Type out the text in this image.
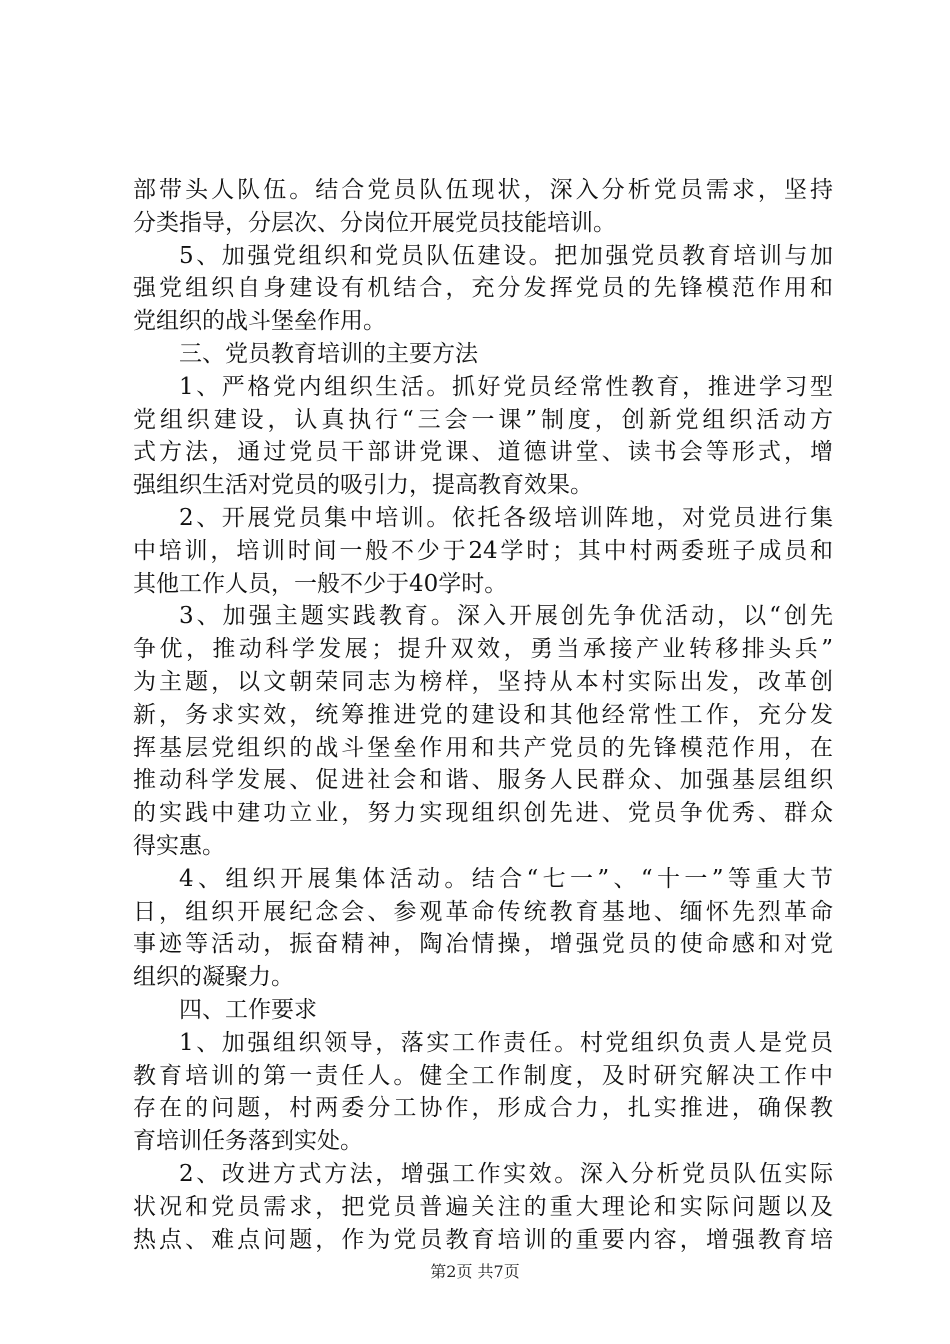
部带头人队伍。结合党员队伍现状，深入分析党员需求，坚持
分类指导，分层次、分岗位开展党员技能培训。
5、加强党组织和党员队伍建设。把加强党员教育培训与加
强党组织自身建设有机结合，充分发挥党员的先锋模范作用和
党组织的战斗堡垒作用。
三、党员教育培训的主要方法
1、严格党内组织生活。抓好党员经常性教育，推进学习型
党组织建设，认真执行“三会一课”制度，创新党组织活动方
式方法，通过党员干部讲党课、道德讲堂、读书会等形式，增
强组织生活对党员的吸引力，提高教育效果。
2、开展党员集中培训。依托各级培训阵地，对党员进行集
中培训，培训时间一般不少于24学时；其中村两委班子成员和
其他工作人员，一般不少于40学时。
3、加强主题实践教育。深入开展创先争优活动，以“创先
争优，推动科学发展；提升双效，勇当承接产业转移排头兵”
为主题，以文朝荣同志为榜样，坚持从本村实际出发，改革创
新，务求实效，统筹推进党的建设和其他经常性工作，充分发
挥基层党组织的战斗堡垒作用和共产党员的先锋模范作用，在
推动科学发展、促进社会和谐、服务人民群众、加强基层组织
的实践中建功立业，努力实现组织创先进、党员争优秀、群众
得实惠。
4、组织开展集体活动。结合“七一”、“十一”等重大节
日，组织开展纪念会、参观革命传统教育基地、缅怀先烈革命
事迹等活动，振奋精神，陶冶情操，增强党员的使命感和对党
组织的凝聚力。
四、工作要求
1、加强组织领导，落实工作责任。村党组织负责人是党员
教育培训的第一责任人。健全工作制度，及时研究解决工作中
存在的问题，村两委分工协作，形成合力，扎实推进，确保教
育培训任务落到实处。
2、改进方式方法，增强工作实效。深入分析党员队伍实际
状况和党员需求，把党员普遍关注的重大理论和实际问题以及
热点、难点问题，作为党员教育培训的重要内容，增强教育培
第2页 共7页
